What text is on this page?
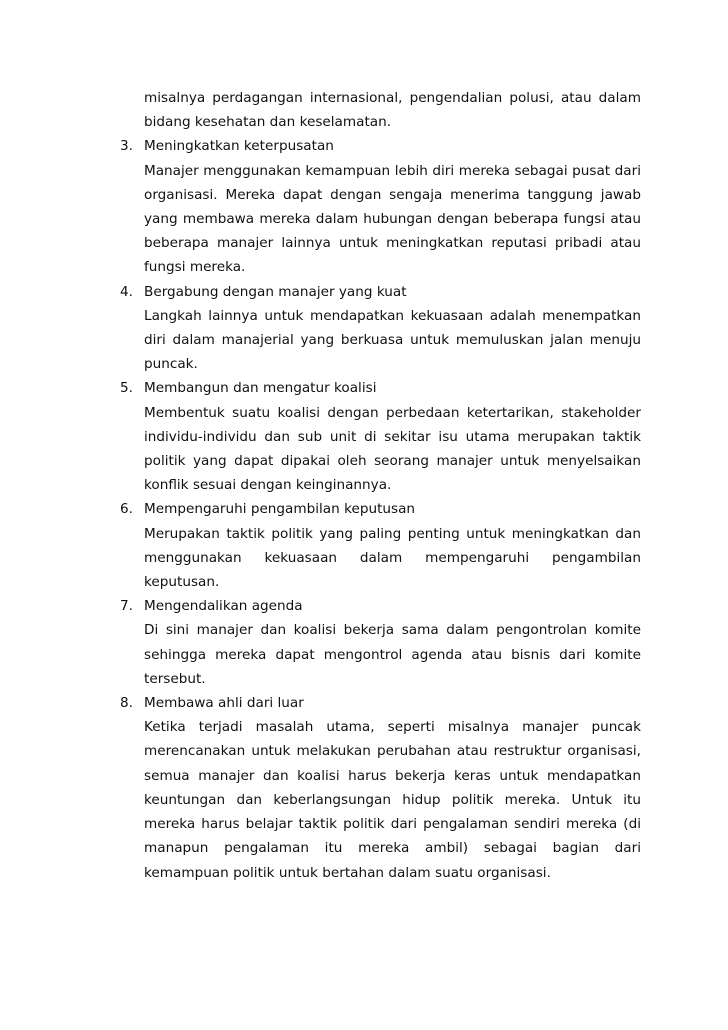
misalnya perdagangan internasional, pengendalian polusi, atau dalam bidang kesehatan dan keselamatan.
3. Meningkatkan keterpusatan
Manajer menggunakan kemampuan lebih diri mereka sebagai pusat dari organisasi. Mereka dapat dengan sengaja menerima tanggung jawab yang membawa mereka dalam hubungan dengan beberapa fungsi atau beberapa manajer lainnya untuk meningkatkan reputasi pribadi atau fungsi mereka.
4. Bergabung dengan manajer yang kuat
Langkah lainnya untuk mendapatkan kekuasaan adalah menempatkan diri dalam manajerial yang berkuasa untuk memuluskan jalan menuju puncak.
5. Membangun dan mengatur koalisi
Membentuk suatu koalisi dengan perbedaan ketertarikan, stakeholder individu-individu dan sub unit di sekitar isu utama merupakan taktik politik yang dapat dipakai oleh seorang manajer untuk menyelsaikan konflik sesuai dengan keinginannya.
6. Mempengaruhi pengambilan keputusan
Merupakan taktik politik yang paling penting untuk meningkatkan dan menggunakan kekuasaan dalam mempengaruhi pengambilan keputusan.
7. Mengendalikan agenda
Di sini manajer dan koalisi bekerja sama dalam pengontrolan komite sehingga mereka dapat mengontrol agenda atau bisnis dari komite tersebut.
8. Membawa ahli dari luar
Ketika terjadi masalah utama, seperti misalnya manajer puncak merencanakan untuk melakukan perubahan atau restruktur organisasi, semua manajer dan koalisi harus bekerja keras untuk mendapatkan keuntungan dan keberlangsungan hidup politik mereka. Untuk itu mereka harus belajar taktik politik dari pengalaman sendiri mereka (di manapun pengalaman itu mereka ambil) sebagai bagian dari kemampuan politik untuk bertahan dalam suatu organisasi.
